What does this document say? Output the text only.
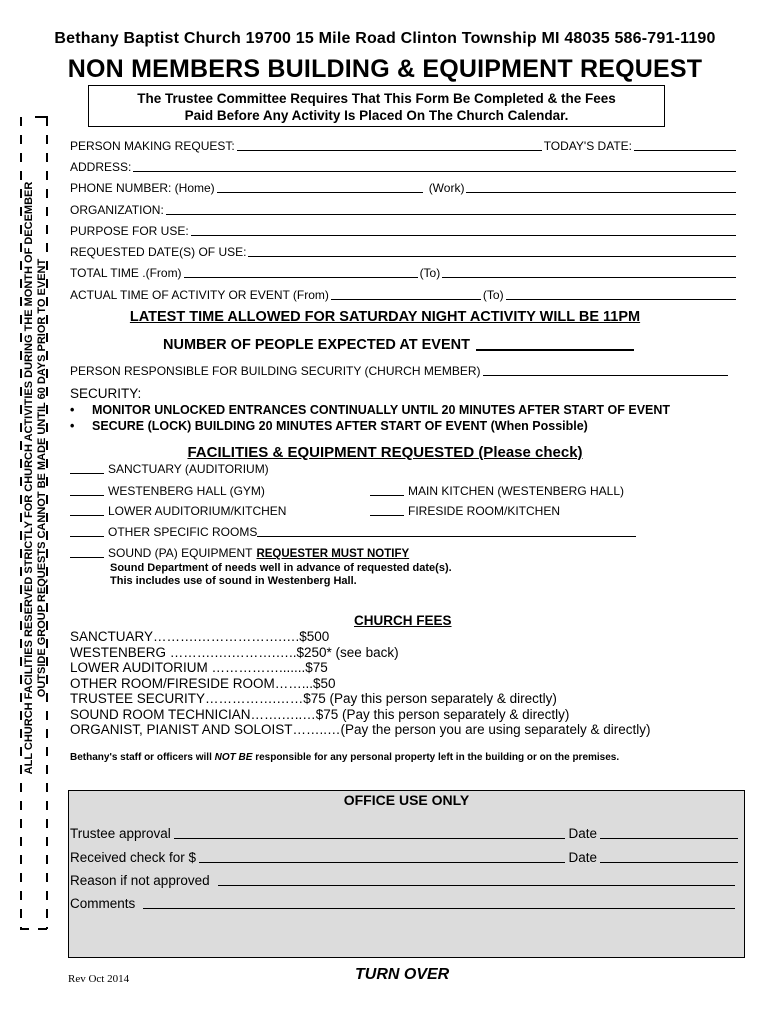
Bethany Baptist Church 19700 15 Mile Road Clinton Township MI 48035 586-791-1190
NON MEMBERS BUILDING & EQUIPMENT REQUEST
The Trustee Committee Requires That This Form Be Completed & the Fees
Paid Before Any Activity Is Placed On The Church Calendar.
ALL CHURCH FACILITIES RESERVED STRICTLY FOR CHURCH ACTIVITIES DURING THE MONTH OF DECEMBER OUTSIDE GROUP REQUESTS CANNOT BE MADE UNTIL 60 DAYS PRIOR TO EVENT
PERSON MAKING REQUEST:	TODAY'S DATE:
ADDRESS:
PHONE NUMBER: (Home)	(Work)
ORGANIZATION:
PURPOSE FOR USE:
REQUESTED DATE(S) OF USE:
TOTAL TIME .(From)	(To)
ACTUAL TIME OF ACTIVITY OR EVENT (From)	(To)
LATEST TIME ALLOWED FOR SATURDAY NIGHT ACTIVITY WILL BE 11PM
NUMBER OF PEOPLE EXPECTED AT EVENT
PERSON RESPONSIBLE FOR BUILDING SECURITY (CHURCH MEMBER)
SECURITY:
• MONITOR UNLOCKED ENTRANCES CONTINUALLY UNTIL 20 MINUTES AFTER START OF EVENT
• SECURE (LOCK) BUILDING 20 MINUTES AFTER START OF EVENT (When Possible)
FACILITIES & EQUIPMENT REQUESTED (Please check)
SANCTUARY (AUDITORIUM)
WESTENBERG HALL (GYM)	MAIN KITCHEN (WESTENBERG HALL)
LOWER AUDITORIUM/KITCHEN	FIRESIDE ROOM/KITCHEN
OTHER SPECIFIC ROOMS
SOUND (PA) EQUIPMENT REQUESTER MUST NOTIFY
Sound Department of needs well in advance of requested date(s).
This includes use of sound in Westenberg Hall.
CHURCH FEES
SANCTUARY……….……………….….$500
WESTENBERG ……….….……….…..$250* (see back)
LOWER AUDITORIUM …………….......$75
OTHER ROOM/FIRESIDE ROOM……...$50
TRUSTEE SECURITY…………….……$75 (Pay this person separately & directly)
SOUND ROOM TECHNICIAN…….…..…$75 (Pay this person separately & directly)
ORGANIST, PIANIST AND SOLOIST……..…(Pay the person you are using separately & directly)
Bethany's staff or officers will NOT BE responsible for any personal property left in the building or on the premises.
OFFICE USE ONLY
Trustee approval	Date
Received check for $	Date
Reason if not approved
Comments
Rev Oct 2014	TURN OVER
